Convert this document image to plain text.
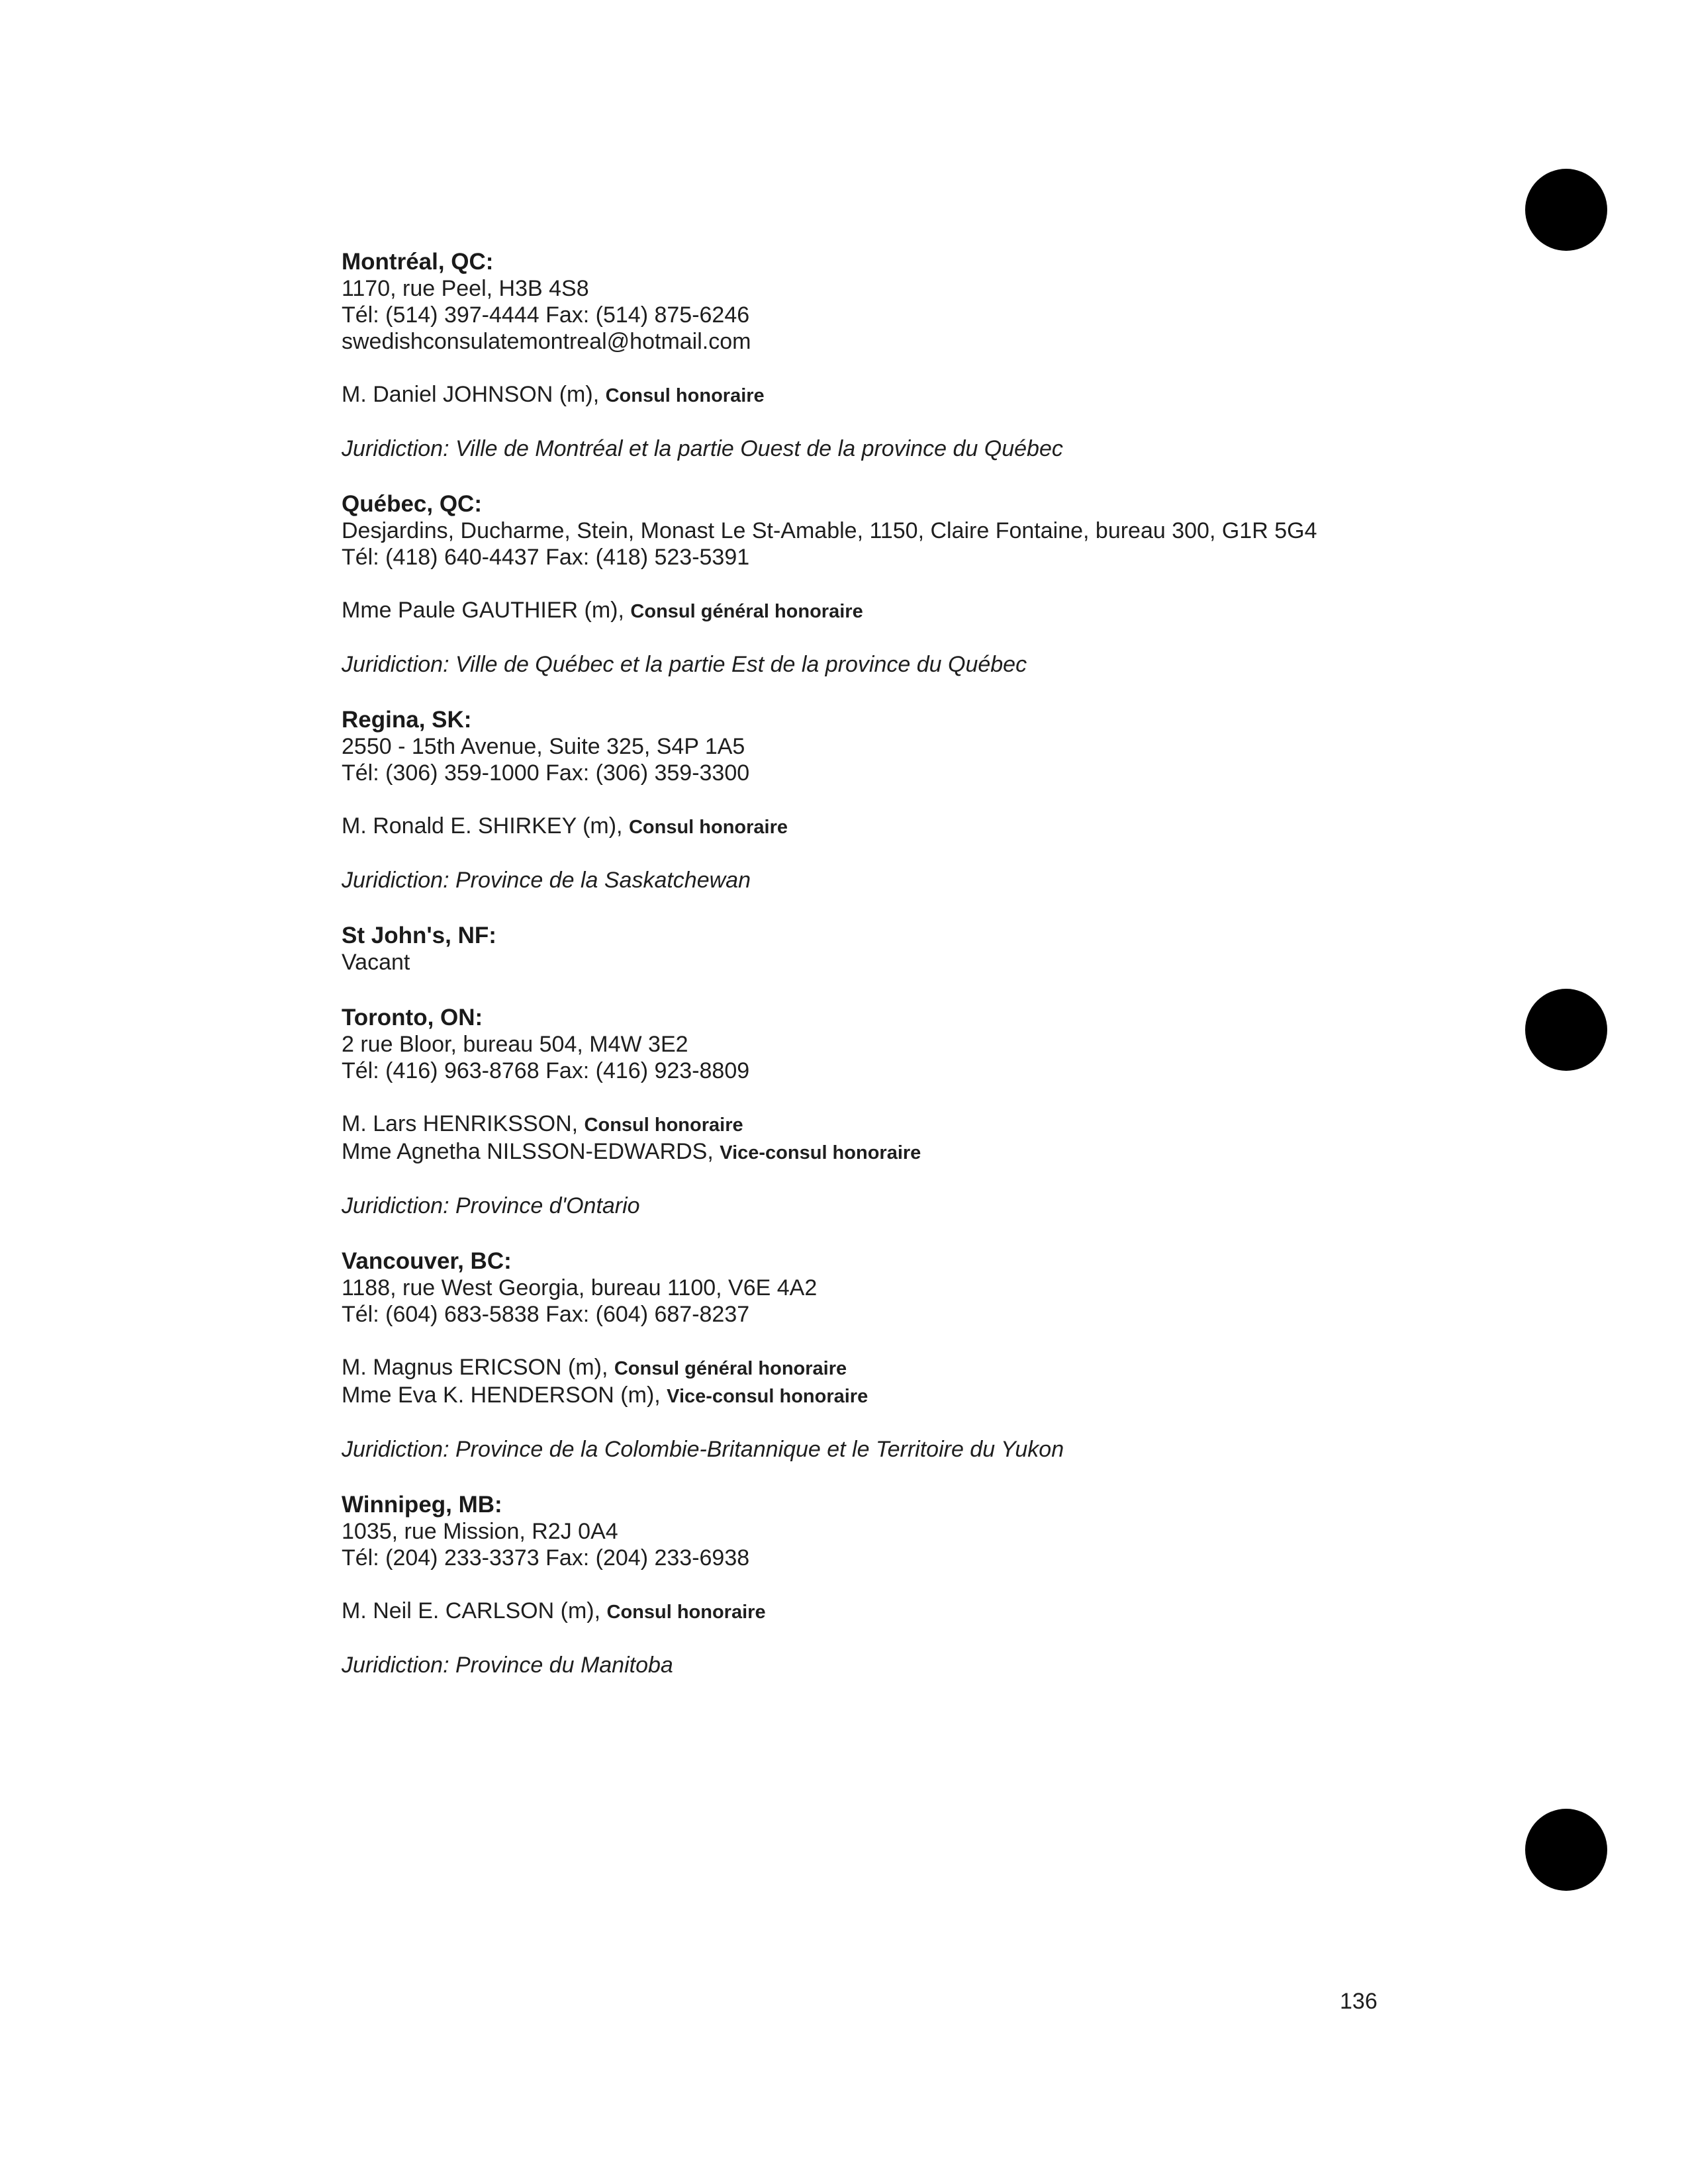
Montréal, QC:

1170, rue Peel, H3B 4S8

Tél: (514) 397-4444 Fax: (514) 875-6246

swedishconsulatemontreal@hotmail.com

M. Daniel JOHNSON (m), Consul honoraire

Juridiction: Ville de Montréal et la partie Ouest de la province du Québec

Québec, QC:

Desjardins, Ducharme, Stein, Monast Le St-Amable, 1150, Claire Fontaine, bureau 300, G1R 5G4

Tél: (418) 640-4437 Fax: (418) 523-5391

Mme Paule GAUTHIER (m), Consul général honoraire

Juridiction: Ville de Québec et la partie Est de la province du Québec

Regina, SK:

2550 - 15th Avenue, Suite 325, S4P 1A5

Tél: (306) 359-1000 Fax: (306) 359-3300

M. Ronald E. SHIRKEY (m), Consul honoraire

Juridiction: Province de la Saskatchewan

St John's, NF:

Vacant

Toronto, ON:

2 rue Bloor, bureau 504, M4W 3E2

Tél: (416) 963-8768 Fax: (416) 923-8809

M. Lars HENRIKSSON, Consul honoraire

Mme Agnetha NILSSON-EDWARDS, Vice-consul honoraire

Juridiction: Province d'Ontario

Vancouver, BC:

1188, rue West Georgia, bureau 1100, V6E 4A2

Tél: (604) 683-5838 Fax: (604) 687-8237

M. Magnus ERICSON (m), Consul général honoraire

Mme Eva K. HENDERSON (m), Vice-consul honoraire

Juridiction: Province de la Colombie-Britannique et le Territoire du Yukon

Winnipeg, MB:

1035, rue Mission, R2J 0A4

Tél: (204) 233-3373 Fax: (204) 233-6938

M. Neil E. CARLSON (m), Consul honoraire

Juridiction: Province du Manitoba

136
